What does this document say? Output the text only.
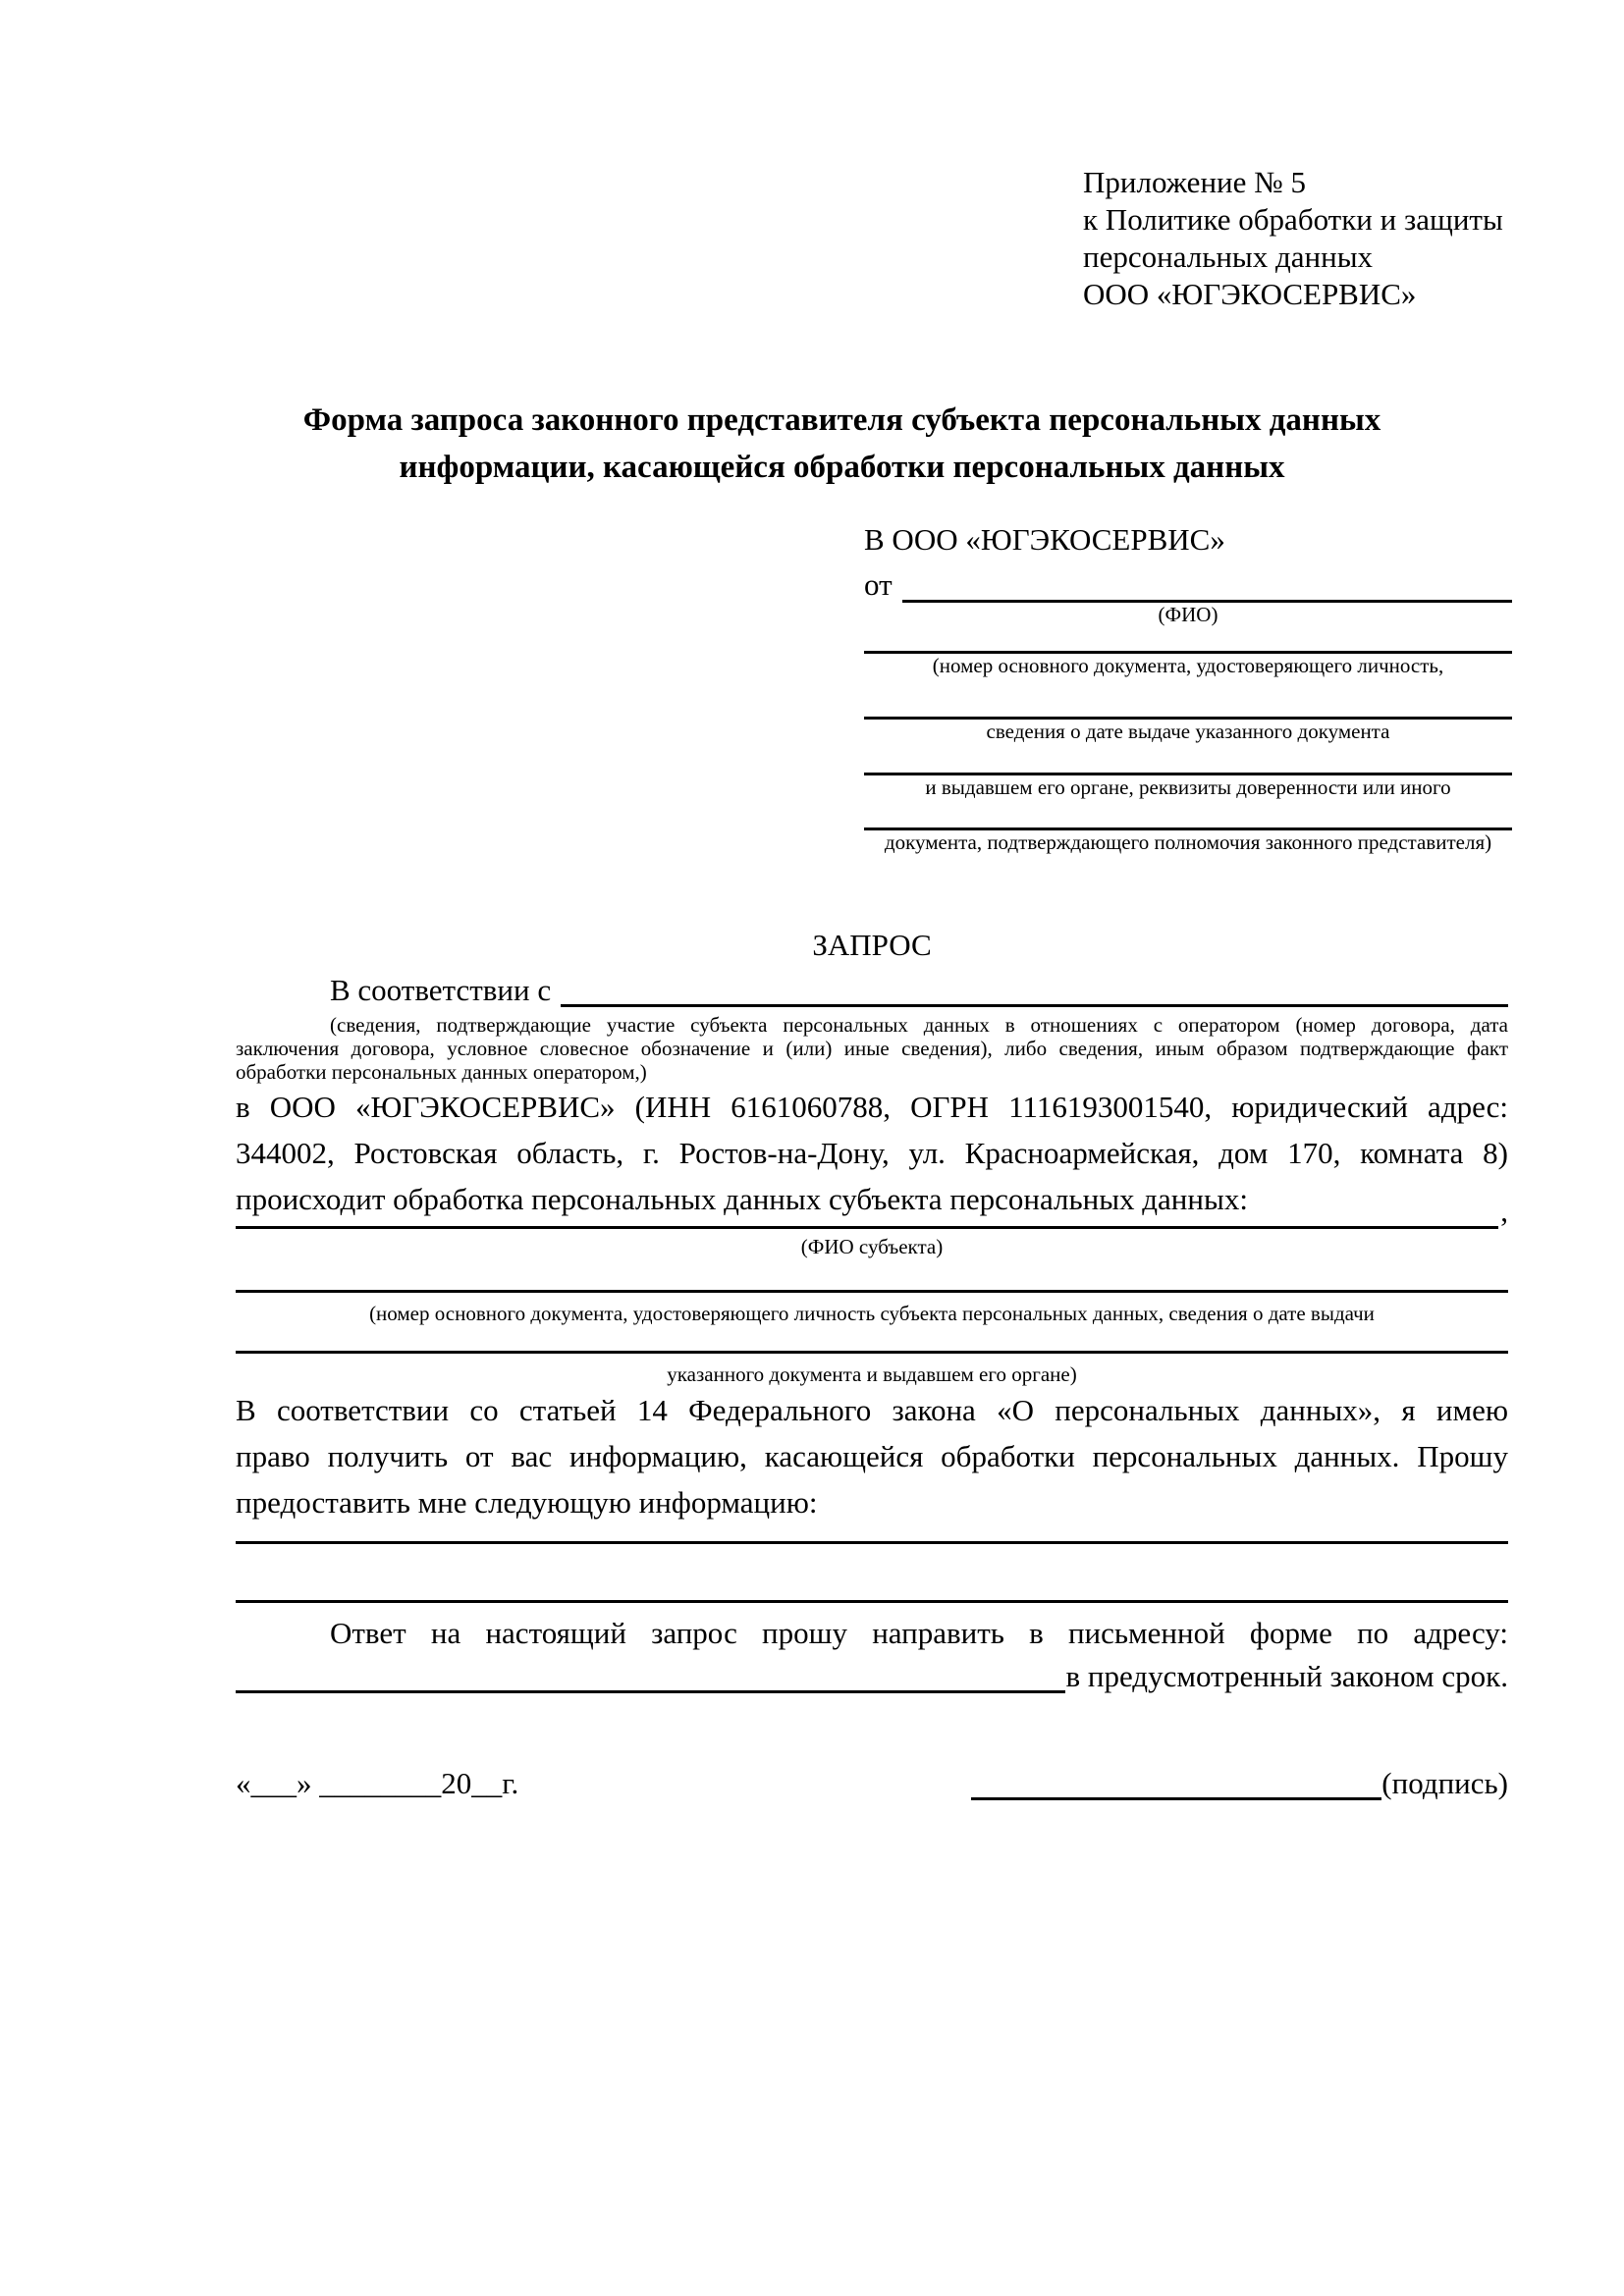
Приложение № 5
к Политике обработки и защиты
персональных данных
ООО «ЮГЭКОСЕРВИС»
Форма запроса законного представителя субъекта персональных данных
информации, касающейся обработки персональных данных
В ООО «ЮГЭКОСЕРВИС»
от
(ФИО)
(номер основного документа, удостоверяющего личность,
сведения о дате выдаче указанного документа
и выдавшем его органе, реквизиты доверенности или иного
документа, подтверждающего полномочия законного представителя)
ЗАПРОС
В соответствии с
(сведения, подтверждающие участие субъекта персональных данных в отношениях с оператором (номер договора, дата
заключения договора, условное словесное обозначение и (или) иные сведения), либо сведения, иным образом подтверждающие факт
обработки персональных данных оператором,)
в ООО «ЮГЭКОСЕРВИС» (ИНН 6161060788, ОГРН 1116193001540, юридический адрес:
344002, Ростовская область, г. Ростов-на-Дону, ул. Красноармейская, дом 170, комната 8)
происходит обработка персональных данных субъекта персональных данных:	,
(ФИО субъекта)
(номер основного документа, удостоверяющего личность субъекта персональных данных, сведения о дате выдачи
указанного документа и выдавшем его органе)
В соответствии со статьей 14 Федерального закона «О персональных данных», я имею
право получить от вас информацию, касающейся обработки персональных данных. Прошу
предоставить мне следующую информацию:
Ответ на настоящий запрос прошу направить в письменной форме по адресу:
в предусмотренный законом срок.
«___» ________20__г.	(подпись)
